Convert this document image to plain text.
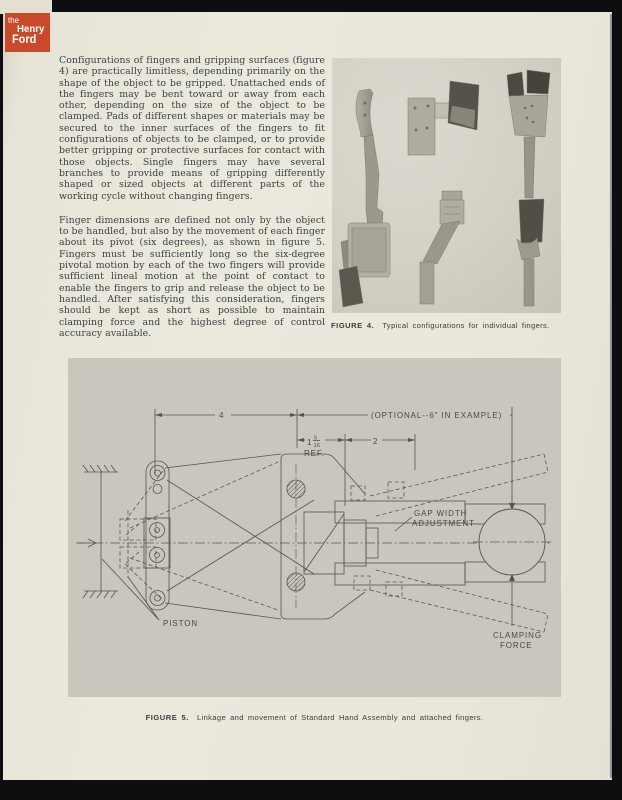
the
Henry
Ford

Configurations of fingers and gripping surfaces (figure 4) are practically limitless, depending primarily on the shape of the object to be gripped. Unattached ends of the fingers may be bent toward or away from each other, depending on the size of the object to be clamped. Pads of different shapes or materials may be secured to the inner surfaces of the fingers to fit configurations of objects to be clamped, or to provide better gripping or protective surfaces for contact with those objects. Single fingers may have several branches to provide means of gripping differently shaped or sized objects at different parts of the working cycle without changing fingers.

Finger dimensions are defined not only by the object to be handled, but also by the movement of each finger about its pivot (six degrees), as shown in figure 5. Fingers must be sufficiently long so the six-degree pivotal motion by each of the two fingers will provide sufficient lineal motion at the point of contact to enable the fingers to grip and release the object to be handled. After satisfying this consideration, fingers should be kept as short as possible to maintain clamping force and the highest degree of control accuracy available.

FIGURE 4. Typical configurations for individual fingers.
4	(OPTIONAL--6" IN EXAMPLE)
1 5
16
REF.
2
GAP WIDTH
ADJUSTMENT
PISTON
CLAMPING
FORCE
FIGURE 5. Linkage and movement of Standard Hand Assembly and attached fingers.
